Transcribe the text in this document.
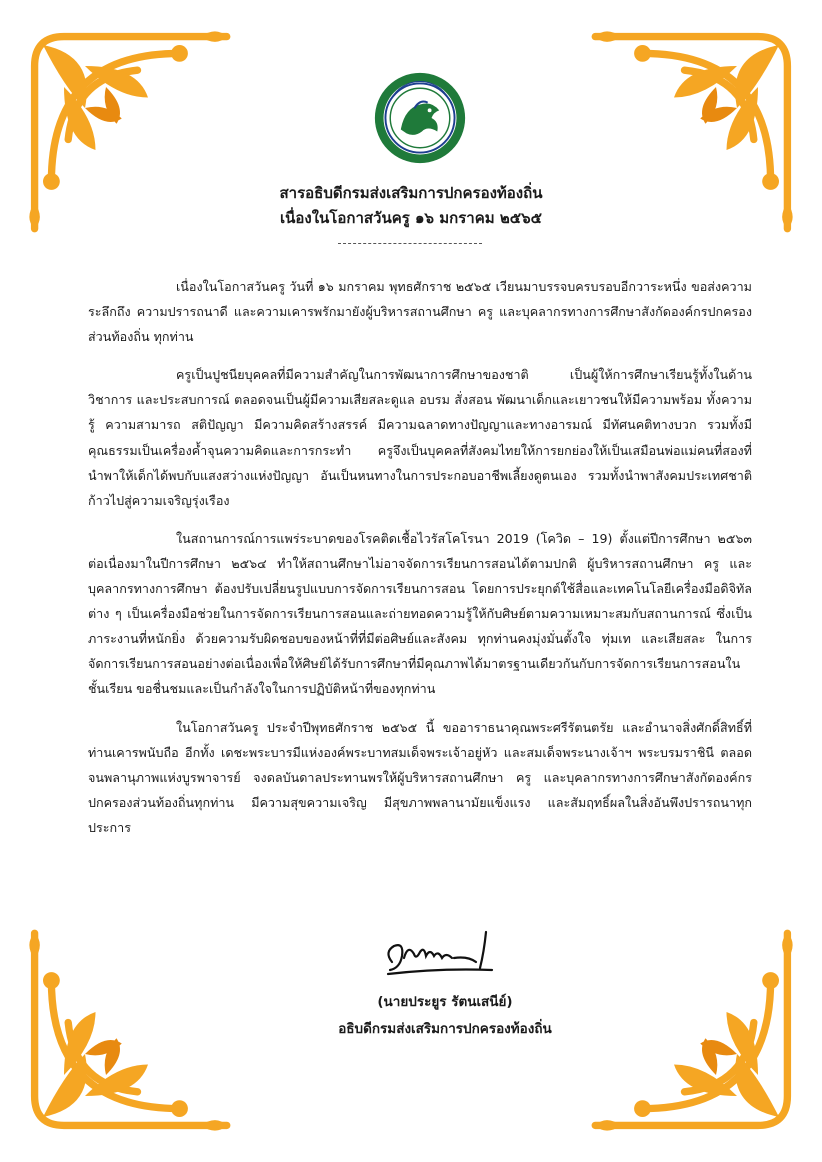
สารอธิบดีกรมส่งเสริมการปกครองท้องถิ่น
เนื่องในโอกาสวันครู ๑๖ มกราคม ๒๕๖๕

เนื่องในโอกาสวันครู วันที่ ๑๖ มกราคม พุทธศักราช ๒๕๖๕ เวียนมาบรรจบครบรอบอีกวาระหนึ่ง ขอส่งความระลึกถึง ความปรารถนาดี และความเคารพรักมายังผู้บริหารสถานศึกษา ครู และบุคลากรทางการศึกษาสังกัดองค์กรปกครองส่วนท้องถิ่น ทุกท่าน

ครูเป็นปูชนียบุคคลที่มีความสำคัญในการพัฒนาการศึกษาของชาติ เป็นผู้ให้การศึกษาเรียนรู้ทั้งในด้านวิชาการ และประสบการณ์ ตลอดจนเป็นผู้มีความเสียสละดูแล อบรม สั่งสอน พัฒนาเด็กและเยาวชนให้มีความพร้อม ทั้งความรู้ ความสามารถ สติปัญญา มีความคิดสร้างสรรค์ มีความฉลาดทางปัญญาและทางอารมณ์ มีทัศนคติทางบวก รวมทั้งมีคุณธรรมเป็นเครื่องค้ำจุนความคิดและการกระทำ ครูจึงเป็นบุคคลที่สังคมไทยให้การยกย่องให้เป็นเสมือนพ่อแม่คนที่สองที่นำพาให้เด็กได้พบกับแสงสว่างแห่งปัญญา อันเป็นหนทางในการประกอบอาชีพเลี้ยงดูตนเอง รวมทั้งนำพาสังคมประเทศชาติก้าวไปสู่ความเจริญรุ่งเรือง

ในสถานการณ์การแพร่ระบาดของโรคติดเชื้อไวรัสโคโรนา 2019 (โควิด – 19) ตั้งแต่ปีการศึกษา ๒๕๖๓ ต่อเนื่องมาในปีการศึกษา ๒๕๖๔ ทำให้สถานศึกษาไม่อาจจัดการเรียนการสอนได้ตามปกติ ผู้บริหารสถานศึกษา ครู และบุคลากรทางการศึกษา ต้องปรับเปลี่ยนรูปแบบการจัดการเรียนการสอน โดยการประยุกต์ใช้สื่อและเทคโนโลยีเครื่องมือดิจิทัลต่าง ๆ เป็นเครื่องมือช่วยในการจัดการเรียนการสอนและถ่ายทอดความรู้ให้กับศิษย์ตามความเหมาะสมกับสถานการณ์ ซึ่งเป็นภาระงานที่หนักยิ่ง ด้วยความรับผิดชอบของหน้าที่ที่มีต่อศิษย์และสังคม ทุกท่านคงมุ่งมั่นตั้งใจ ทุ่มเท และเสียสละ ในการจัดการเรียนการสอนอย่างต่อเนื่องเพื่อให้ศิษย์ได้รับการศึกษาที่มีคุณภาพได้มาตรฐานเดียวกันกับการจัดการเรียนการสอนในชั้นเรียน ขอชื่นชมและเป็นกำลังใจในการปฏิบัติหน้าที่ของทุกท่าน

ในโอกาสวันครู ประจำปีพุทธศักราช ๒๕๖๕ นี้ ขออาราธนาคุณพระศรีรัตนตรัย และอำนาจสิ่งศักดิ์สิทธิ์ที่ท่านเคารพนับถือ อีกทั้ง เดชะพระบารมีแห่งองค์พระบาทสมเด็จพระเจ้าอยู่หัว และสมเด็จพระนางเจ้าฯ พระบรมราชินี ตลอดจนพลานุภาพแห่งบูรพาจารย์ จงดลบันดาลประทานพรให้ผู้บริหารสถานศึกษา ครู และบุคลากรทางการศึกษาสังกัดองค์กรปกครองส่วนท้องถิ่นทุกท่าน มีความสุขความเจริญ มีสุขภาพพลานามัยแข็งแรง และสัมฤทธิ์ผลในสิ่งอันพึงปรารถนาทุกประการ

(นายประยูร รัตนเสนีย์)
อธิบดีกรมส่งเสริมการปกครองท้องถิ่น
